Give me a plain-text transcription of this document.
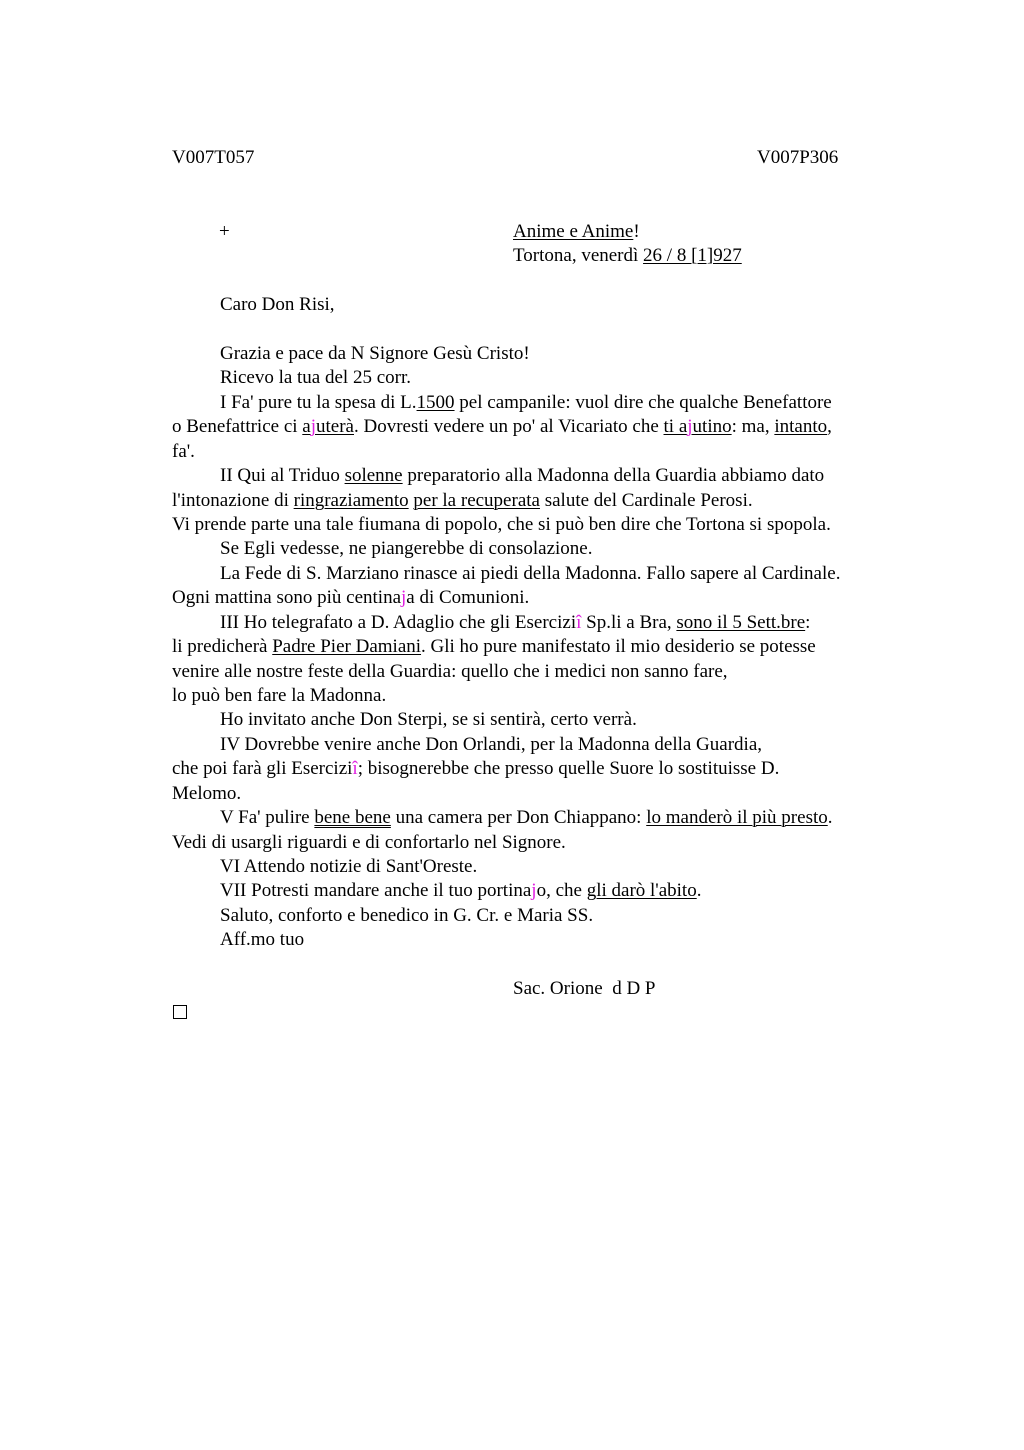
V007T057	V007P306
+	Anime e Anime!
Tortona, venerdì 26 / 8 [1]927
Caro Don Risi,
Grazia e pace da N Signore Gesù Cristo!
Ricevo la tua del 25 corr.
I Fa' pure tu la spesa di L.1500 pel campanile: vuol dire che qualche Benefattore
o Benefattrice ci ajuterà. Dovresti vedere un po' al Vicariato che ti ajutino: ma, intanto,
fa'.
II Qui al Triduo solenne preparatorio alla Madonna della Guardia abbiamo dato
l'intonazione di ringraziamento per la recuperata salute del Cardinale Perosi.
Vi prende parte una tale fiumana di popolo, che si può ben dire che Tortona si spopola.
Se Egli vedesse, ne piangerebbe di consolazione.
La Fede di S. Marziano rinasce ai piedi della Madonna. Fallo sapere al Cardinale.
Ogni mattina sono più centinaja di Comunioni.
III Ho telegrafato a D. Adaglio che gli Eserciziî Sp.li a Bra, sono il 5 Sett.bre:
li predicherà Padre Pier Damiani. Gli ho pure manifestato il mio desiderio se potesse
venire alle nostre feste della Guardia: quello che i medici non sanno fare,
lo può ben fare la Madonna.
Ho invitato anche Don Sterpi, se si sentirà, certo verrà.
IV Dovrebbe venire anche Don Orlandi, per la Madonna della Guardia,
che poi farà gli Eserciziî; bisognerebbe che presso quelle Suore lo sostituisse D.
Melomo.
V Fa' pulire bene bene una camera per Don Chiappano: lo manderò il più presto.
Vedi di usargli riguardi e di confortarlo nel Signore.
VI Attendo notizie di Sant'Oreste.
VII Potresti mandare anche il tuo portinajo, che gli darò l'abito.
Saluto, conforto e benedico in G. Cr. e Maria SS.
Aff.mo tuo
Sac. Orione  d D P
